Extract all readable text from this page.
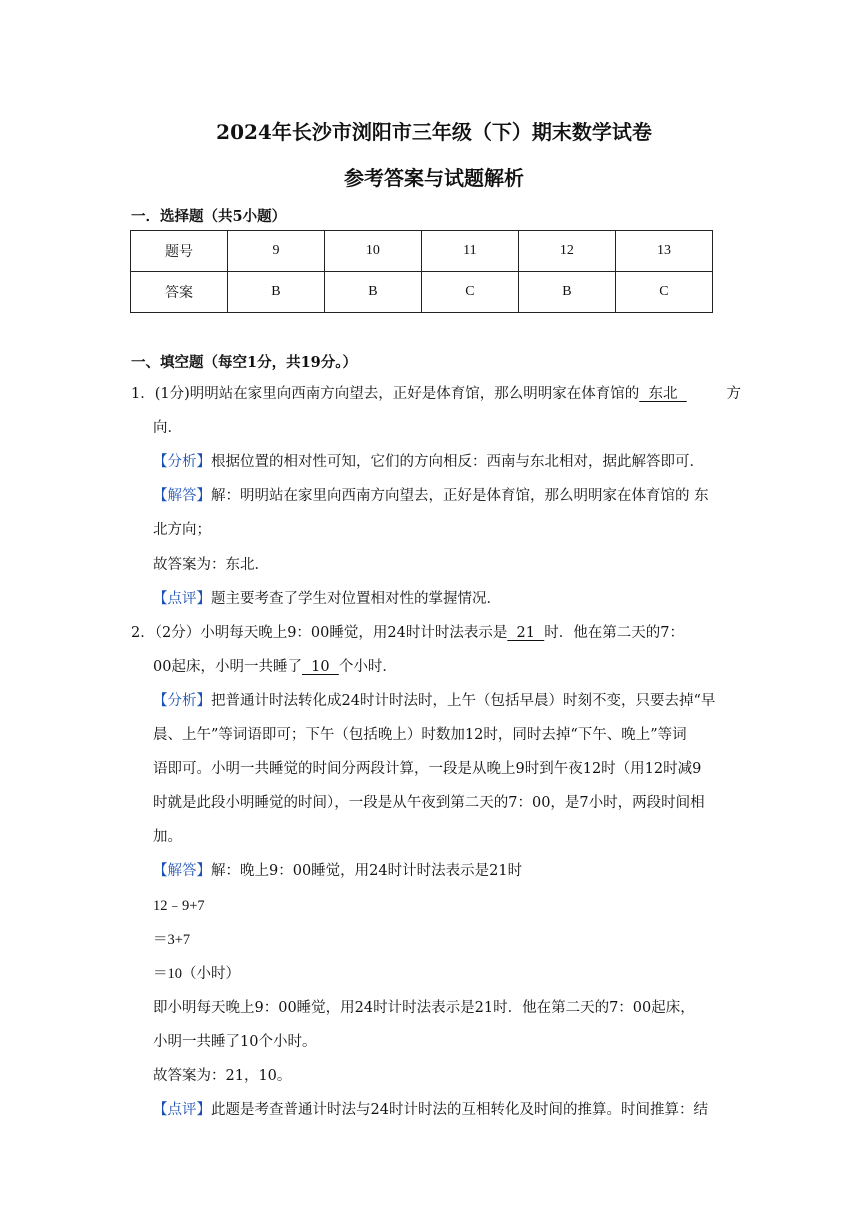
2024年长沙市浏阳市三年级（下）期末数学试卷
参考答案与试题解析
一．选择题（共5小题）
题号	9	10	11	12	13
答案	B	B	C	B	C
一、填空题（每空1分，共19分。）
1．(1分)明明站在家里向西南方向望去，正好是体育馆，那么明明家在体育馆的  东北	方
向．
【分析】根据位置的相对性可知，它们的方向相反：西南与东北相对，据此解答即可．
【解答】解：明明站在家里向西南方向望去，正好是体育馆，那么明明家在体育馆的 东
北方向；
故答案为：东北．
【点评】题主要考查了学生对位置相对性的掌握情况．
2．（2分）小明每天晚上9：00睡觉，用24时计时法表示是  21  时．他在第二天的7：
00起床，小明一共睡了  10  个小时．
【分析】把普通计时法转化成24时计时法时，上午（包括早晨）时刻不变，只要去掉“早
晨、上午”等词语即可；下午（包括晚上）时数加12时，同时去掉“下午、晚上”等词
语即可。小明一共睡觉的时间分两段计算，一段是从晚上9时到午夜12时（用12时减9
时就是此段小明睡觉的时间），一段是从午夜到第二天的7：00，是7小时，两段时间相
加。
【解答】解：晚上9：00睡觉，用24时计时法表示是21时
12﹣9+7
＝3+7
＝10（小时）
即小明每天晚上9：00睡觉，用24时计时法表示是21时．他在第二天的7：00起床，
小明一共睡了10个小时。
故答案为：21，10。
【点评】此题是考查普通计时法与24时计时法的互相转化及时间的推算。时间推算：结
